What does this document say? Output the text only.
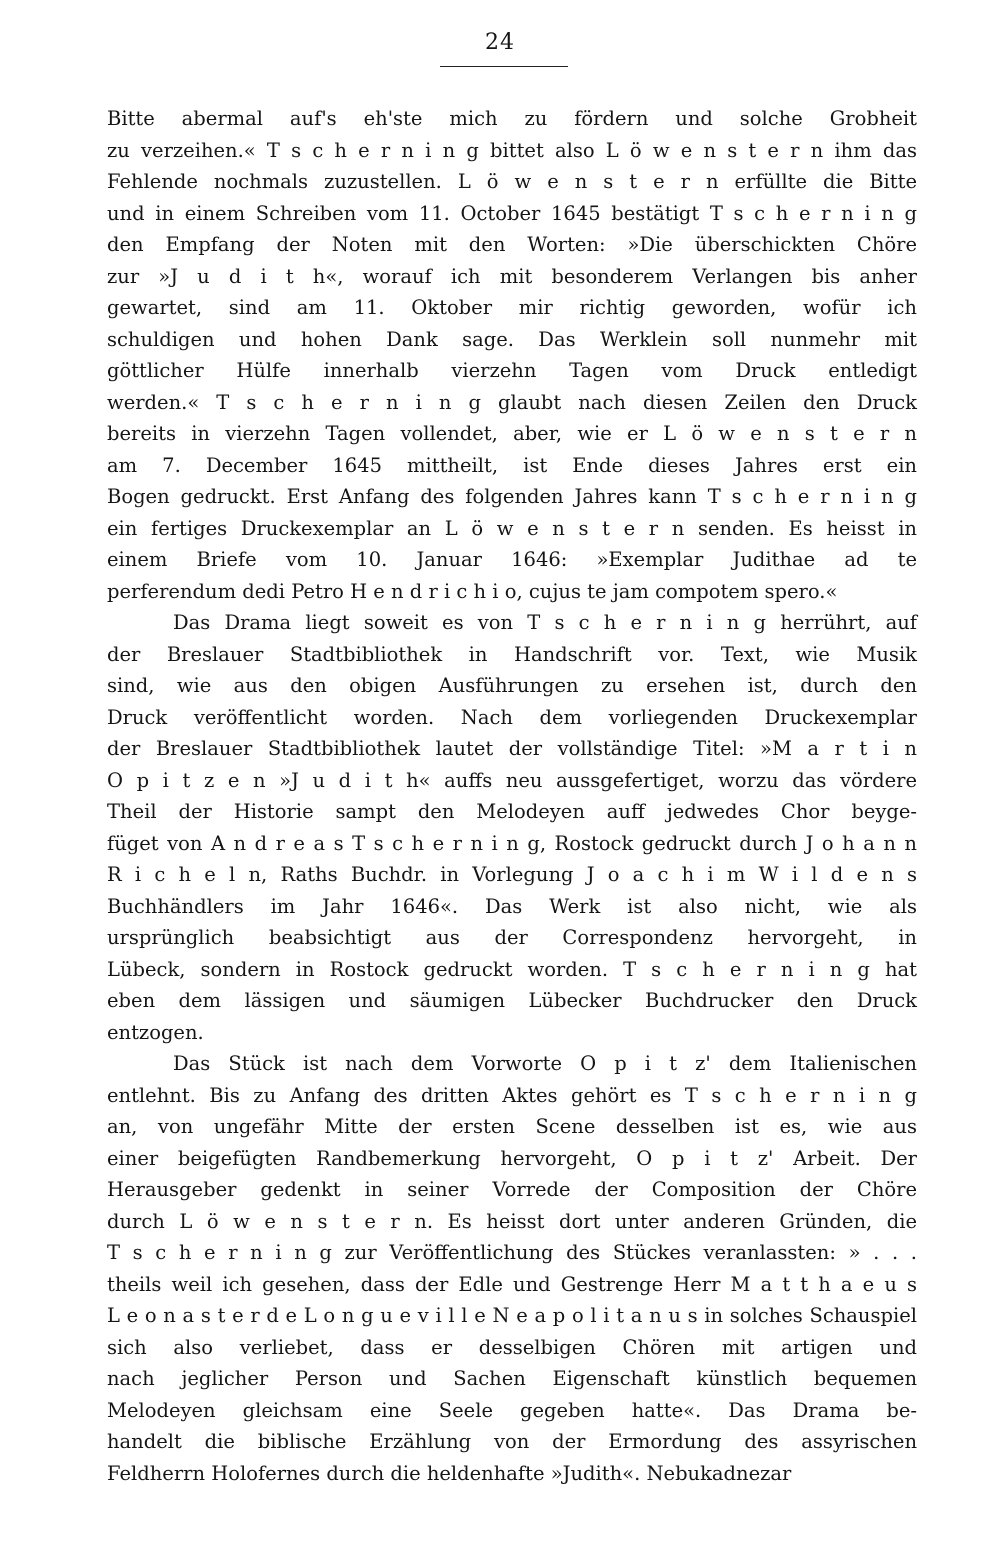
24
Bitte abermal auf's eh'ste mich zu fördern und solche Grobheit
zu verzeihen.« T s c h e r n i n g bittet also L ö w e n s t e r n ihm das
Fehlende nochmals zuzustellen. L ö w e n s t e r n erfüllte die Bitte
und in einem Schreiben vom 11. October 1645 bestätigt T s c h e r n i n g
den Empfang der Noten mit den Worten: »Die überschickten Chöre
zur »J u d i t h«, worauf ich mit besonderem Verlangen bis anher
gewartet, sind am 11. Oktober mir richtig geworden, wofür ich
schuldigen und hohen Dank sage. Das Werklein soll nunmehr mit
göttlicher Hülfe innerhalb vierzehn Tagen vom Druck entledigt
werden.« T s c h e r n i n g glaubt nach diesen Zeilen den Druck
bereits in vierzehn Tagen vollendet, aber, wie er L ö w e n s t e r n
am 7. December 1645 mittheilt, ist Ende dieses Jahres erst ein
Bogen gedruckt. Erst Anfang des folgenden Jahres kann T s c h e r n i n g
ein fertiges Druckexemplar an L ö w e n s t e r n senden. Es heisst in
einem Briefe vom 10. Januar 1646: »Exemplar Judithae ad te
perferendum dedi Petro H e n d r i c h i o, cujus te jam compotem spero.«
Das Drama liegt soweit es von T s c h e r n i n g herrührt, auf
der Breslauer Stadtbibliothek in Handschrift vor. Text, wie Musik
sind, wie aus den obigen Ausführungen zu ersehen ist, durch den
Druck veröffentlicht worden. Nach dem vorliegenden Druckexemplar
der Breslauer Stadtbibliothek lautet der vollständige Titel: »M a r t i n
O p i t z e n »J u d i t h« auffs neu aussgefertiget, worzu das vördere
Theil der Historie sampt den Melodeyen auff jedwedes Chor beyge-
füget von A n d r e a s T s c h e r n i n g, Rostock gedruckt durch J o h a n n
R i c h e l n, Raths Buchdr. in Vorlegung J o a c h i m W i l d e n s
Buchhändlers im Jahr 1646«. Das Werk ist also nicht, wie als
ursprünglich beabsichtigt aus der Correspondenz hervorgeht, in
Lübeck, sondern in Rostock gedruckt worden. T s c h e r n i n g hat
eben dem lässigen und säumigen Lübecker Buchdrucker den Druck
entzogen.
Das Stück ist nach dem Vorworte O p i t z' dem Italienischen
entlehnt. Bis zu Anfang des dritten Aktes gehört es T s c h e r n i n g
an, von ungefähr Mitte der ersten Scene desselben ist es, wie aus
einer beigefügten Randbemerkung hervorgeht, O p i t z' Arbeit. Der
Herausgeber gedenkt in seiner Vorrede der Composition der Chöre
durch L ö w e n s t e r n. Es heisst dort unter anderen Gründen, die
T s c h e r n i n g zur Veröffentlichung des Stückes veranlassten: » . . .
theils weil ich gesehen, dass der Edle und Gestrenge Herr M a t t h a e u s
L e o n a s t e r d e L o n g u e v i l l e N e a p o l i t a n u s in solches Schauspiel
sich also verliebet, dass er desselbigen Chören mit artigen und
nach jeglicher Person und Sachen Eigenschaft künstlich bequemen
Melodeyen gleichsam eine Seele gegeben hatte«. Das Drama be-
handelt die biblische Erzählung von der Ermordung des assyrischen
Feldherrn Holofernes durch die heldenhafte »Judith«. Nebukadnezar
